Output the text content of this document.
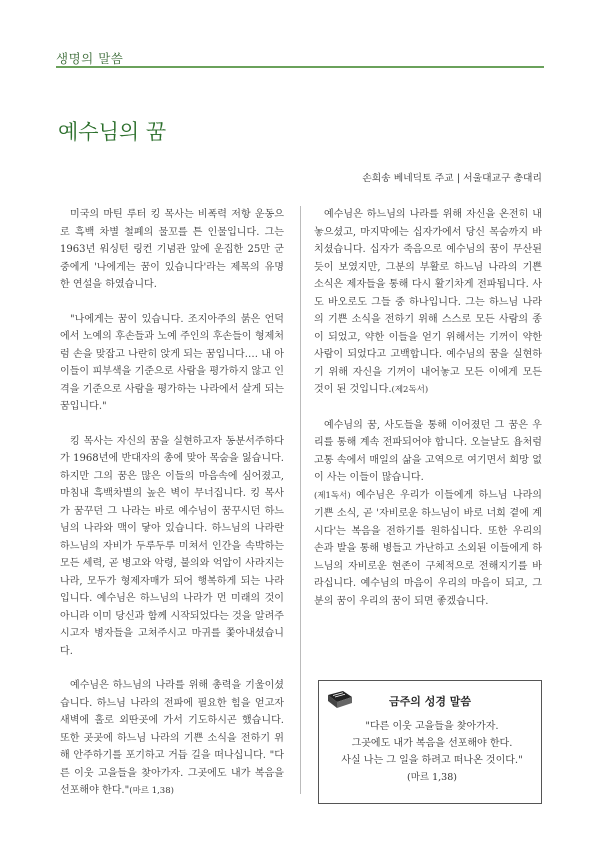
생명의 말씀
예수님의 꿈
손희송 베네딕토 주교 | 서울대교구 총대리

미국의 마틴 루터 킹 목사는 비폭력 저항 운동으로 흑백 차별 철폐의 물꼬를 튼 인물입니다. 그는 1963년 워싱턴 링컨 기념관 앞에 운집한 25만 군중에게 '나에게는 꿈이 있습니다'라는 제목의 유명한 연설을 하였습니다.

"나에게는 꿈이 있습니다. 조지아주의 붉은 언덕에서 노예의 후손들과 노예 주인의 후손들이 형제처럼 손을 맞잡고 나란히 앉게 되는 꿈입니다.… 내 아이들이 피부색을 기준으로 사람을 평가하지 않고 인격을 기준으로 사람을 평가하는 나라에서 살게 되는 꿈입니다."

킹 목사는 자신의 꿈을 실현하고자 동분서주하다가 1968년에 반대자의 총에 맞아 목숨을 잃습니다. 하지만 그의 꿈은 많은 이들의 마음속에 심어졌고, 마침내 흑백차별의 높은 벽이 무너집니다. 킹 목사가 꿈꾸던 그 나라는 바로 예수님이 꿈꾸시던 하느님의 나라와 맥이 닿아 있습니다. 하느님의 나라란 하느님의 자비가 두루두루 미쳐서 인간을 속박하는 모든 세력, 곧 병고와 악령, 불의와 억압이 사라지는 나라, 모두가 형제자매가 되어 행복하게 되는 나라입니다. 예수님은 하느님의 나라가 먼 미래의 것이 아니라 이미 당신과 함께 시작되었다는 것을 알려주시고자 병자들을 고쳐주시고 마귀를 쫓아내셨습니다.

예수님은 하느님의 나라를 위해 총력을 기울이셨습니다. 하느님 나라의 전파에 필요한 힘을 얻고자 새벽에 홀로 외딴곳에 가서 기도하시곤 했습니다. 또한 곳곳에 하느님 나라의 기쁜 소식을 전하기 위해 안주하기를 포기하고 거듭 길을 떠나십니다. "다른 이웃 고을들을 찾아가자. 그곳에도 내가 복음을 선포해야 한다."(마르 1,38)

예수님은 하느님의 나라를 위해 자신을 온전히 내놓으셨고, 마지막에는 십자가에서 당신 목숨까지 바치셨습니다. 십자가 죽음으로 예수님의 꿈이 무산된 듯이 보였지만, 그분의 부활로 하느님 나라의 기쁜 소식은 제자들을 통해 다시 활기차게 전파됩니다. 사도 바오로도 그들 중 하나입니다. 그는 하느님 나라의 기쁜 소식을 전하기 위해 스스로 모든 사람의 종이 되었고, 약한 이들을 얻기 위해서는 기꺼이 약한 사람이 되었다고 고백합니다. 예수님의 꿈을 실현하기 위해 자신을 기꺼이 내어놓고 모든 이에게 모든 것이 된 것입니다.(제2독서)

예수님의 꿈, 사도들을 통해 이어졌던 그 꿈은 우리를 통해 계속 전파되어야 합니다. 오늘날도 욥처럼 고통 속에서 매일의 삶을 고역으로 여기면서 희망 없이 사는 이들이 많습니다.
(제1독서) 예수님은 우리가 이들에게 하느님 나라의 기쁜 소식, 곧 '자비로운 하느님이 바로 너희 곁에 계시다'는 복음을 전하기를 원하십니다. 또한 우리의 손과 발을 통해 병들고 가난하고 소외된 이들에게 하느님의 자비로운 현존이 구체적으로 전해지기를 바라십니다. 예수님의 마음이 우리의 마음이 되고, 그분의 꿈이 우리의 꿈이 되면 좋겠습니다.

금주의 성경 말씀
"다른 이웃 고을들을 찾아가자.
그곳에도 내가 복음을 선포해야 한다.
사실 나는 그 일을 하려고 떠나온 것이다."
(마르 1,38)
